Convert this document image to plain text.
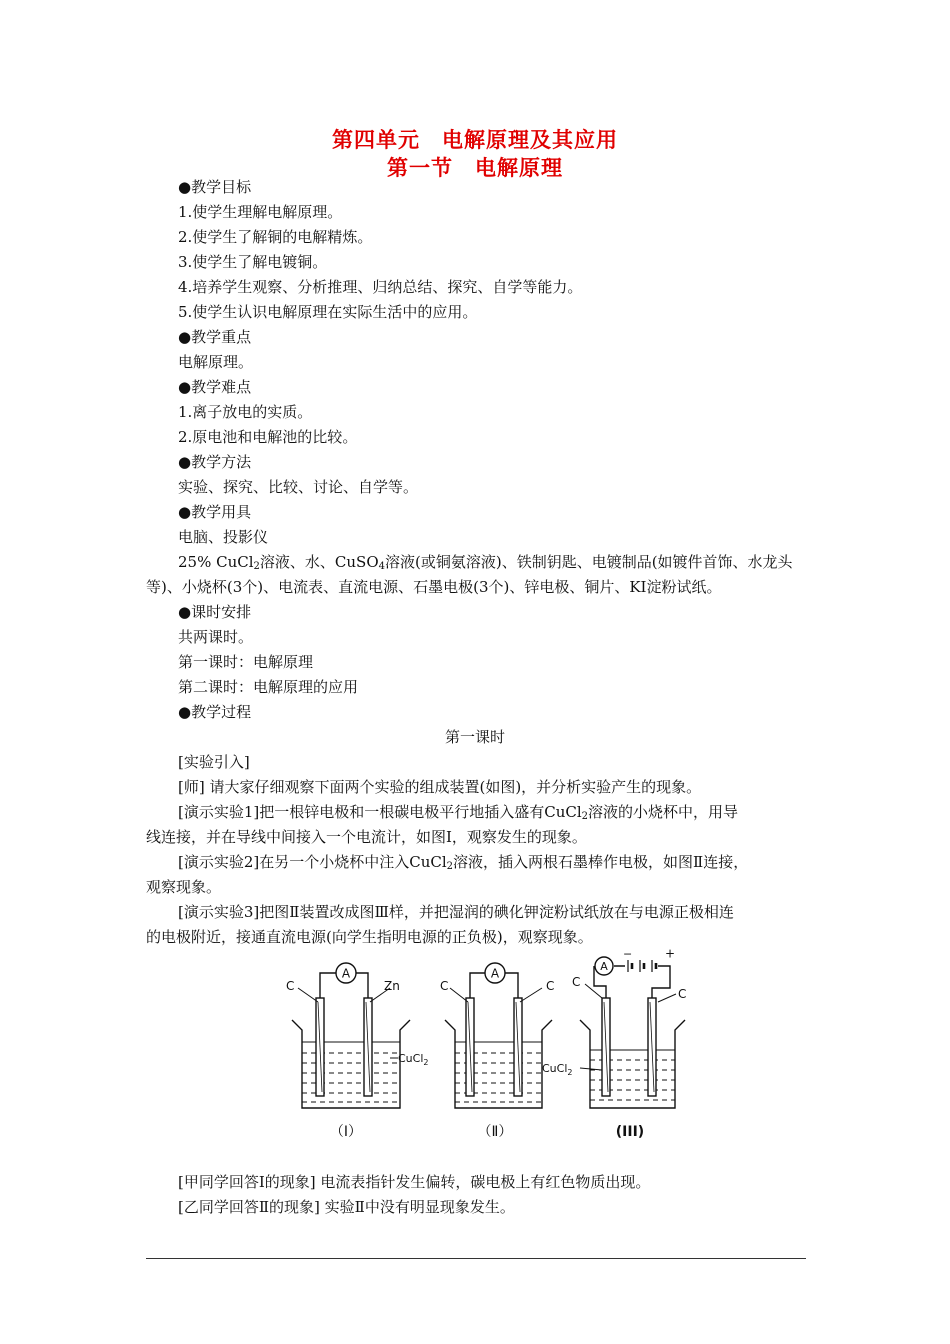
第四单元　电解原理及其应用
第一节　电解原理
●教学目标
1.使学生理解电解原理。
2.使学生了解铜的电解精炼。
3.使学生了解电镀铜。
4.培养学生观察、分析推理、归纳总结、探究、自学等能力。
5.使学生认识电解原理在实际生活中的应用。
●教学重点
电解原理。
●教学难点
1.离子放电的实质。
2.原电池和电解池的比较。
●教学方法
实验、探究、比较、讨论、自学等。
●教学用具
电脑、投影仪
25% CuCl$_2$溶液、水、CuSO$_4$溶液(或铜氨溶液)、铁制钥匙、电镀制品(如镀件首饰、水龙头
等)、小烧杯(3个)、电流表、直流电源、石墨电极(3个)、锌电极、铜片、KI淀粉试纸。
●课时安排
共两课时。
第一课时：电解原理
第二课时：电解原理的应用
●教学过程
第一课时
[实验引入]
[师] 请大家仔细观察下面两个实验的组成装置(如图)，并分析实验产生的现象。
[演示实验1]把一根锌电极和一根碳电极平行地插入盛有CuCl$_2$溶液的小烧杯中，用导
线连接，并在导线中间接入一个电流计，如图Ⅰ，观察发生的现象。
[演示实验2]在另一个小烧杯中注入CuCl$_2$溶液，插入两根石墨棒作电极，如图Ⅱ连接，
观察现象。
[演示实验3]把图Ⅱ装置改成图Ⅲ样，并把湿润的碘化钾淀粉试纸放在与电源正极相连
的电极附近，接通直流电源(向学生指明电源的正负极)，观察现象。
A
C	Zn
A
C	C
CuCl$_2$
A
−	+
C
C
CuCl$_2$
（Ⅰ）	（Ⅱ）	(III)
[甲同学回答Ⅰ的现象] 电流表指针发生偏转，碳电极上有红色物质出现。
[乙同学回答Ⅱ的现象] 实验Ⅱ中没有明显现象发生。
